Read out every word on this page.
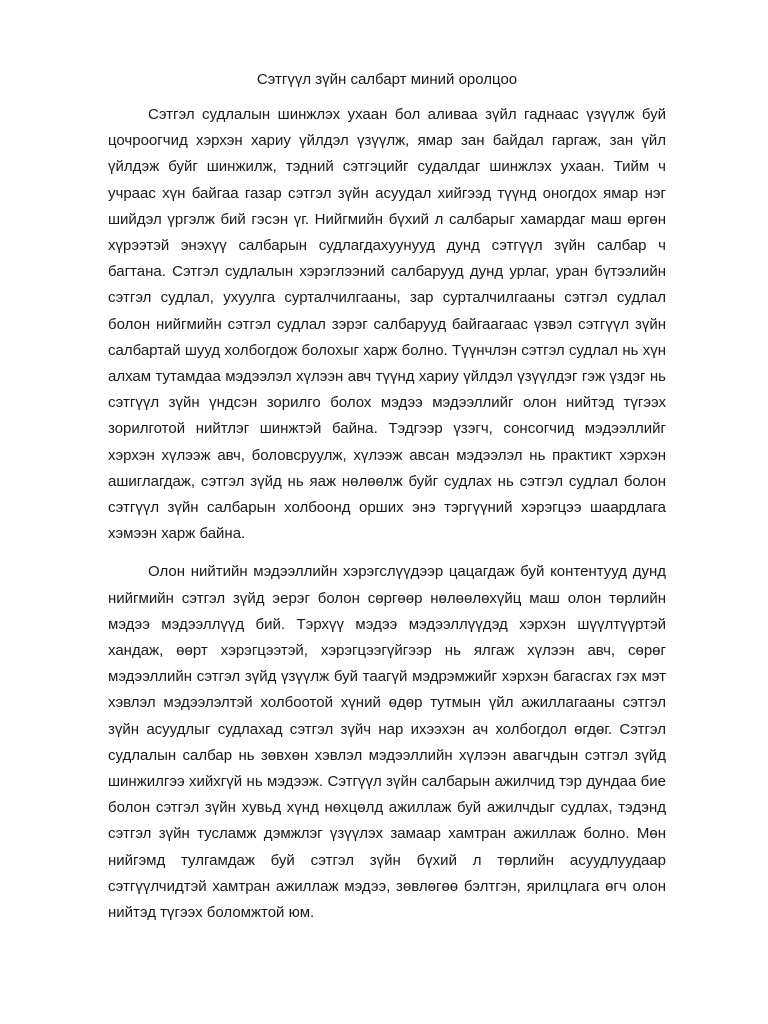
Сэтгүүл зүйн салбарт миний оролцоо

Сэтгэл судлалын шинжлэх ухаан бол аливаа зүйл гаднаас үзүүлж буй цочроогчид хэрхэн хариу үйлдэл үзүүлж, ямар зан байдал гаргаж, зан үйл үйлдэж буйг шинжилж, тэдний сэтгэцийг судалдаг шинжлэх ухаан. Тийм ч учраас хүн байгаа газар сэтгэл зүйн асуудал хийгээд түүнд оногдох ямар нэг шийдэл үргэлж бий гэсэн үг. Нийгмийн бүхий л салбарыг хамардаг маш өргөн хүрээтэй энэхүү салбарын судлагдахуунууд дунд сэтгүүл зүйн салбар ч багтана. Сэтгэл судлалын хэрэглээний салбарууд дунд урлаг, уран бүтээлийн сэтгэл судлал, ухуулга сурталчилгааны, зар сурталчилгааны сэтгэл судлал болон нийгмийн сэтгэл судлал зэрэг салбарууд байгаагаас үзвэл сэтгүүл зүйн салбартай шууд холбогдож болохыг харж болно. Түүнчлэн сэтгэл судлал нь хүн алхам тутамдаа мэдээлэл хүлээн авч түүнд хариу үйлдэл үзүүлдэг гэж үздэг нь сэтгүүл зүйн үндсэн зорилго болох мэдээ мэдээллийг олон нийтэд түгээх зорилготой нийтлэг шинжтэй байна. Тэдгээр үзэгч, сонсогчид мэдээллийг хэрхэн хүлээж авч, боловсруулж, хүлээж авсан мэдээлэл нь практикт хэрхэн ашиглагдаж, сэтгэл зүйд нь яаж нөлөөлж буйг судлах нь сэтгэл судлал болон сэтгүүл зүйн салбарын холбоонд орших энэ тэргүүний хэрэгцээ шаардлага хэмээн харж байна.

Олон нийтийн мэдээллийн хэрэгслүүдээр цацагдаж буй контентууд дунд нийгмийн сэтгэл зүйд эерэг болон сөргөөр нөлөөлөхүйц маш олон төрлийн мэдээ мэдээллүүд бий. Тэрхүү мэдээ мэдээллүүдэд хэрхэн шүүлтүүртэй хандаж, өөрт хэрэгцээтэй, хэрэгцээгүйгээр нь ялгаж хүлээн авч, сөрөг мэдээллийн сэтгэл зүйд үзүүлж буй таагүй мэдрэмжийг хэрхэн багасгах гэх мэт хэвлэл мэдээлэлтэй холбоотой хүний өдөр тутмын үйл ажиллагааны сэтгэл зүйн асуудлыг судлахад сэтгэл зүйч нар ихээхэн ач холбогдол өгдөг. Сэтгэл судлалын салбар нь зөвхөн хэвлэл мэдээллийн хүлээн авагчдын сэтгэл зүйд шинжилгээ хийхгүй нь мэдээж. Сэтгүүл зүйн салбарын ажилчид тэр дундаа бие болон сэтгэл зүйн хувьд хүнд нөхцөлд ажиллаж буй ажилчдыг судлах, тэдэнд сэтгэл зүйн тусламж дэмжлэг үзүүлэх замаар хамтран ажиллаж болно. Мөн нийгэмд тулгамдаж буй сэтгэл зүйн бүхий л төрлийн асуудлуудаар сэтгүүлчидтэй хамтран ажиллаж мэдээ, зөвлөгөө бэлтгэн, ярилцлага өгч олон нийтэд түгээх боломжтой юм.
